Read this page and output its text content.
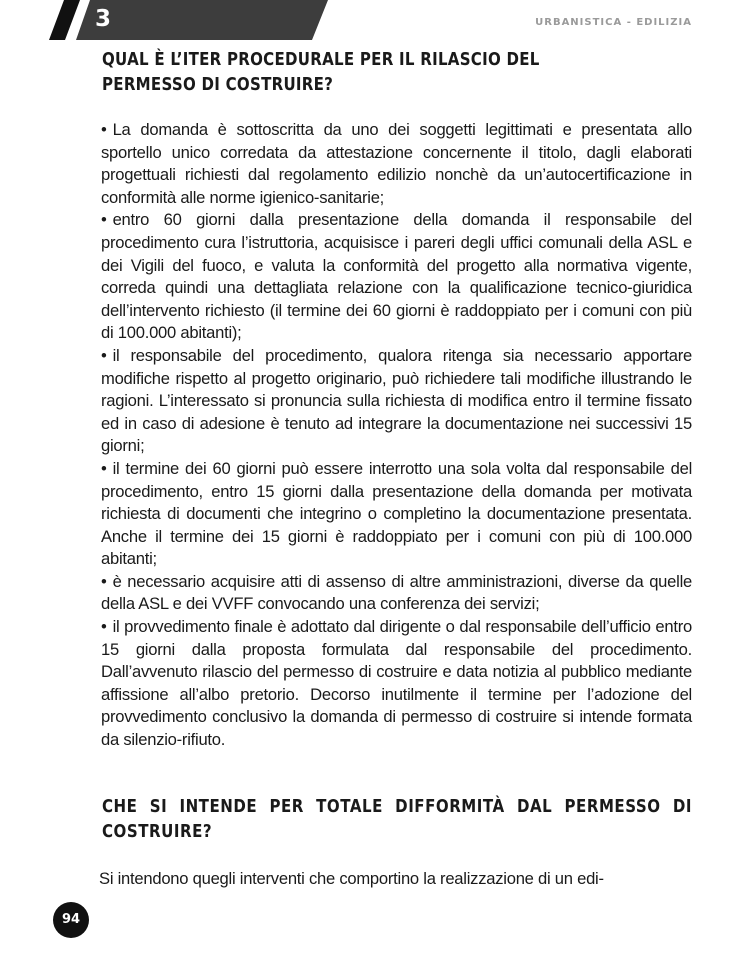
3	URBANISTICA - EDILIZIA
QUAL È L’ITER PROCEDURALE PER IL RILASCIO DEL PERMESSO DI COSTRUIRE?
• La domanda è sottoscritta da uno dei soggetti legittimati e presentata allo sportello unico corredata da attestazione concernente il titolo, dagli elaborati progettuali richiesti dal regolamento edilizio nonchè da un’autocertificazione in conformità alle norme igienico-sanitarie;
• entro 60 giorni dalla presentazione della domanda il responsabile del procedimento cura l’istruttoria, acquisisce i pareri degli uffici comunali della ASL e dei Vigili del fuoco, e valuta la conformità del progetto alla normativa vigente, correda quindi una dettagliata relazione con la qualificazione tecnico-giuridica dell’intervento richiesto (il termine dei 60 giorni è raddoppiato per i comuni con più di 100.000 abitanti);
• il responsabile del procedimento, qualora ritenga sia necessario apportare modifiche rispetto al progetto originario, può richiedere tali modifiche illustrando le ragioni. L’interessato si pronuncia sulla richiesta di modifica entro il termine fissato ed in caso di adesione è tenuto ad integrare la documentazione nei successivi 15 giorni;
• il termine dei 60 giorni può essere interrotto una sola volta dal responsabile del procedimento, entro 15 giorni dalla presentazione della domanda per motivata richiesta di documenti che integrino o completino la documentazione presentata. Anche il termine dei 15 giorni è raddoppiato per i comuni con più di 100.000 abitanti;
• è necessario acquisire atti di assenso di altre amministrazioni, diverse da quelle della ASL e dei VVFF convocando una conferenza dei servizi;
• il provvedimento finale è adottato dal dirigente o dal responsabile dell’ufficio entro 15 giorni dalla proposta formulata dal responsabile del procedimento. Dall’avvenuto rilascio del permesso di costruire e data notizia al pubblico mediante affissione all’albo pretorio. Decorso inutilmente il termine per l’adozione del provvedimento conclusivo la domanda di permesso di costruire si intende formata da silenzio-rifiuto.
CHE SI INTENDE PER TOTALE DIFFORMITÀ DAL PERMESSO DI COSTRUIRE?

Si intendono quegli interventi che comportino la realizzazione di un edi-

94
